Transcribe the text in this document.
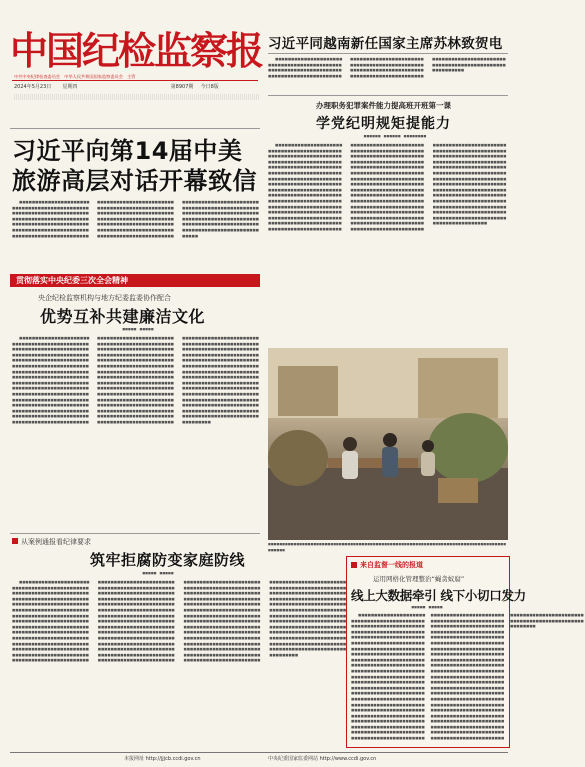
中国纪检监察报
中共中央纪律检查委员会　中华人民共和国国家监察委员会　主管
2024年5月23日 星期四	第8907期 今日8版
习近平同越南新任国家主席苏林致贺电

■■■■■■■■■■■■■■■■■■■■■■■■■■■■■■■■■■■■■■■■■■■■■■■■■■■■■■■■■■■■■■■■■■■■■■■■■■■■■■■■■■■■■■■■■■■■■■■■■■■■■■■■■■■■■■■■■■■■■■■■■■■■■■■■■■■■■■■■■■■■■■■■■■■■■■■■■■■■■■■■■■■■■■■■■■■■■■■■■■■■■■■■■■■■■■■■■■■■■■■■■■■■■■■■■■■■■■■■■■■■■■■■■■■■■■■■■■■■■■

办理职务犯罪案件能力提高班开班第一课
学党纪明规矩提能力
■■■■■■　■■■■■■　■■■■■■■■

■■■■■■■■■■■■■■■■■■■■■■■■■■■■■■■■■■■■■■■■■■■■■■■■■■■■■■■■■■■■■■■■■■■■■■■■■■■■■■■■■■■■■■■■■■■■■■■■■■■■■■■■■■■■■■■■■■■■■■■■■■■■■■■■■■■■■■■■■■■■■■■■■■■■■■■■■■■■■■■■■■■■■■■■■■■■■■■■■■■■■■■■■■■■■■■■■■■■■■■■■■■■■■■■■■■■■■■■■■■■■■■■■■■■■■■■■■■■■■■■■■■■■■■■■■■■■■■■■■■■■■■■■■■■■■■■■■■■■■■■■■■■■■■■■■■■■■■■■■■■■■■■■■■■■■■■■■■■■■■■■■■■■■■■■■■■■■■■■■■■■■■■■■■■■■■■■■■■■■■■■■■■■■■■■■■■■■■■■■■■■■■■■■■■■■■■■■■■■■■■■■■■■■■■■■■■■■■■■■■■■■■■■■■■■■■■■■■■■■■■■■■■■■■■■■■■■■■■■■■■■■■■■■■■■■■■■■■■■■■■■■■■■■■■■■■■■■■■■■■■■■■■■■■■■■■■■■■■■■■■■■■■■■■■■■■■■■■■■■■■■■■■■■■■■■■■■■■■■■■■■■■■■■■■■■■■■■■■■■■■■■■■■■■■■■■■■■■■■■■■■■■■■■■■■■■■■■■■■■■■■■■■■■■■■■■■■■■■■■■■■■■■■■■■■■■■■■■■■■■■■■■■■■■■■■■■■■■■■■■■■■■■■■■■■■■■■■■■■■■■■■■■■■■■■■■■■■■■■■■■■■■■■■■■■■■■■■■■■■■■■■■■■■■■■■■■■■■■■■■■■■■■■■■■■■■■■■■■■■■■■■■■■■■■■■■■■■■■■■■■■■■■■■■■■■■■■■■■■■■■■■■■■■■■■■■■■■■■■■■■■■■■■■■■■■■■■■■■■■■■■■■■■■■■■■■■■■■■■■■■■■■■■■■■■■■■■■■■■■■■■■■■■■■■■■■■■■■■■■■■■■■■■■■■■■■■■■■■■■■■■■■■■■■■■■■■■■■■■■■■■■■■■■■■■■■■■■■■■■■■■■■■■■■■■■■■■■■■■■■■■■■■■■■■■■■■■■■■■■■■■■■■■■■■■■■■■■■■■■■■■■■■■■■■■■■■■■■■■■■■■■■■■■■■■■■■■

习近平向第14届中美
旅游高层对话开幕致信

■■■■■■■■■■■■■■■■■■■■■■■■■■■■■■■■■■■■■■■■■■■■■■■■■■■■■■■■■■■■■■■■■■■■■■■■■■■■■■■■■■■■■■■■■■■■■■■■■■■■■■■■■■■■■■■■■■■■■■■■■■■■■■■■■■■■■■■■■■■■■■■■■■■■■■■■■■■■■■■■■■■■■■■■■■■■■■■■■■■■■■■■■■■■■■■■■■■■■■■■■■■■■■■■■■■■■■■■■■■■■■■■■■■■■■■■■■■■■■■■■■■■■■■■■■■■■■■■■■■■■■■■■■■■■■■■■■■■■■■■■■■■■■■■■■■■■■■■■■■■■■■■■■■■■■■■■■■■■■■■■■■■■■■■■■■■■■■■■■■■■■■■■■■■■■■■■■■■■■■■■■■■■■■■■■■■■■■■■■■■■■■■■■■■■■■■■■■■■■■■■■■■■■■■■■■■■■■■■■■■■■■■■■■■■■■■■■■■■■■■■■■■■■■■■■■■■■■■■■■■■■■■■■■■■■■■■■■■■■■■■■■

贯彻落实中央纪委三次全会精神
央企纪检监察机构与地方纪委监委协作配合
优势互补共建廉洁文化
■■■■■　■■■■■

■■■■■■■■■■■■■■■■■■■■■■■■■■■■■■■■■■■■■■■■■■■■■■■■■■■■■■■■■■■■■■■■■■■■■■■■■■■■■■■■■■■■■■■■■■■■■■■■■■■■■■■■■■■■■■■■■■■■■■■■■■■■■■■■■■■■■■■■■■■■■■■■■■■■■■■■■■■■■■■■■■■■■■■■■■■■■■■■■■■■■■■■■■■■■■■■■■■■■■■■■■■■■■■■■■■■■■■■■■■■■■■■■■■■■■■■■■■■■■■■■■■■■■■■■■■■■■■■■■■■■■■■■■■■■■■■■■■■■■■■■■■■■■■■■■■■■■■■■■■■■■■■■■■■■■■■■■■■■■■■■■■■■■■■■■■■■■■■■■■■■■■■■■■■■■■■■■■■■■■■■■■■■■■■■■■■■■■■■■■■■■■■■■■■■■■■■■■■■■■■■■■■■■■■■■■■■■■■■■■■■■■■■■■■■■■■■■■■■■■■■■■■■■■■■■■■■■■■■■■■■■■■■■■■■■■■■■■■■■■■■■■■■■■■■■■■■■■■■■■■■■■■■■■■■■■■■■■■■■■■■■■■■■■■■■■■■■■■■■■■■■■■■■■■■■■■■■■■■■■■■■■■■■■■■■■■■■■■■■■■■■■■■■■■■■■■■■■■■■■■■■■■■■■■■■■■■■■■■■■■■■■■■■■■■■■■■■■■■■■■■■■■■■■■■■■■■■■■■■■■■■■■■■■■■■■■■■■■■■■■■■■■■■■■■■■■■■■■■■■■■■■■■■■■■■■■■■■■■■■■■■■■■■■■■■■■■■■■■■■■■■■■■■■■■■■■■■■■■■■■■■■■■■■■■■■■■■■■■■■■■■■■■■■■■■■■■■■■■■■■■■■■■■■■■■■■■■■■■■■■■■■■■■■■■■■■■■■■■■■■■■■■■■■■■■■■■■■■■■■■■■■■■■■■■■■■■■■■■■■■■■■■■■■■■■■■■■■■■■■■■■■■■■■■■■■■■■■■■■■■■■■■■■■■■■■■■■■■■■■■■■■■■■■■■■■■■■■■■■■■■■■■■■■■■■■■■■■■■■■■■■■■■■■■■■■■■■■■■■■■■■■■■■■■■■■■■■■■■■■■■■■■■■■■■■■■■■■■■■■■■■■■■■■■■■■■■■■■■■■■■■■■■■■■■■■■■■■■■■■■■■■■■■■■■■■■■■■■■■■■■■■■■■■■■■■■■■■■■■■■■■■■■■■■■■■■■■■

■■■■■■■■■■■■■■■■■■■■■■■■■■■■■■■■■■■■■■■■■■■■■■■■■■■■■■■■■■■■■■■■■■■■■■■■■■■■■■■■■■■■■■■■■■
从案例通报看纪律要求
筑牢拒腐防变家庭防线
■■■■■　■■■■■

■■■■■■■■■■■■■■■■■■■■■■■■■■■■■■■■■■■■■■■■■■■■■■■■■■■■■■■■■■■■■■■■■■■■■■■■■■■■■■■■■■■■■■■■■■■■■■■■■■■■■■■■■■■■■■■■■■■■■■■■■■■■■■■■■■■■■■■■■■■■■■■■■■■■■■■■■■■■■■■■■■■■■■■■■■■■■■■■■■■■■■■■■■■■■■■■■■■■■■■■■■■■■■■■■■■■■■■■■■■■■■■■■■■■■■■■■■■■■■■■■■■■■■■■■■■■■■■■■■■■■■■■■■■■■■■■■■■■■■■■■■■■■■■■■■■■■■■■■■■■■■■■■■■■■■■■■■■■■■■■■■■■■■■■■■■■■■■■■■■■■■■■■■■■■■■■■■■■■■■■■■■■■■■■■■■■■■■■■■■■■■■■■■■■■■■■■■■■■■■■■■■■■■■■■■■■■■■■■■■■■■■■■■■■■■■■■■■■■■■■■■■■■■■■■■■■■■■■■■■■■■■■■■■■■■■■■■■■■■■■■■■■■■■■■■■■■■■■■■■■■■■■■■■■■■■■■■■■■■■■■■■■■■■■■■■■■■■■■■■■■■■■■■■■■■■■■■■■■■■■■■■■■■■■■■■■■■■■■■■■■■■■■■■■■■■■■■■■■■■■■■■■■■■■■■■■■■■■■■■■■■■■■■■■■■■■■■■■■■■■■■■■■■■■■■■■■■■■■■■■■■■■■■■■■■■■■■■■■■■■■■■■■■■■■■■■■■■■■■■■■■■■■■■■■■■■■■■■■■■■■■■■■■■■■■■■■■■■■■■■■■■■■■■■■■■■■■■■■■■■■■■■■■■■■■■■■■■■■■■■■■■■■■■■■■■■■■■■■■■■■■■■■■■■■■■■■■■■■■■■■■■■■■■■■■■■■■■■■■■■■■■■■■■■■■■■■■■■■■■■■■■■■■■■■■■■■■■■■■■■■■■■■■■■■■■■■■■■■■■■■■■■■■■■■■■■■■■■■■■■■■■■■■■■■■■■■■■■■■■■■■■■■■■■■■■■■■■■■■■■■■■■■■■■■■■■■■■■■■■■■■■■■■■■■■■■■■■■■■■■■■■■■■■■■■■■■■■■■■■■■■■■■■■■■■■■■■■■■■■■■■■■■■■■■■■■■■■■■■■■■■■■■■■■■■■■■■■■■■■■■■■■■■■■■■■■■■■■■■■■■■■■■■■■■■■■■■■■■■■■■■■■■■■■■■■■■■■■■■■■■■■■■■■■■■■■■■■■■■■■■■■■■■■■■■■■■■■■■■■■■■■■■■■■■■■■■■■■■■■■■■■■■■■■■■■■■■■■■■■■■■■■■■■■■■■■■■■■■■■■■■■■■■■■■■■■■■■■■■■■■■■■■■■■■■■■■■■■■■■■■■■■■■■■■■■■■■■■■■■■■■■■■■■■■■■■■■■■■■■■■■■■■■■■■■■■■■■■■■■■■■■■■■■■■■■■■■■■■■■■■■■■■■■■■■■■■■■■■■■■■■■■■■■■■■■■■■■■■■■

来自监督一线的报道
运用网格化管理整治“蝇贪蚁腐”
线上大数据牵引 线下小切口发力
■■■■■　■■■■■

■■■■■■■■■■■■■■■■■■■■■■■■■■■■■■■■■■■■■■■■■■■■■■■■■■■■■■■■■■■■■■■■■■■■■■■■■■■■■■■■■■■■■■■■■■■■■■■■■■■■■■■■■■■■■■■■■■■■■■■■■■■■■■■■■■■■■■■■■■■■■■■■■■■■■■■■■■■■■■■■■■■■■■■■■■■■■■■■■■■■■■■■■■■■■■■■■■■■■■■■■■■■■■■■■■■■■■■■■■■■■■■■■■■■■■■■■■■■■■■■■■■■■■■■■■■■■■■■■■■■■■■■■■■■■■■■■■■■■■■■■■■■■■■■■■■■■■■■■■■■■■■■■■■■■■■■■■■■■■■■■■■■■■■■■■■■■■■■■■■■■■■■■■■■■■■■■■■■■■■■■■■■■■■■■■■■■■■■■■■■■■■■■■■■■■■■■■■■■■■■■■■■■■■■■■■■■■■■■■■■■■■■■■■■■■■■■■■■■■■■■■■■■■■■■■■■■■■■■■■■■■■■■■■■■■■■■■■■■■■■■■■■■■■■■■■■■■■■■■■■■■■■■■■■■■■■■■■■■■■■■■■■■■■■■■■■■■■■■■■■■■■■■■■■■■■■■■■■■■■■■■■■■■■■■■■■■■■■■■■■■■■■■■■■■■■■■■■■■■■■■■■■■■■■■■■■■■■■■■■■■■■■■■■■■■■■■■■■■■■■■■■■■■■■■■■■■■■■■■■■■■■■■■■■■■■■■■■■■■■■■■■■■■■■■■■■■■■■■■■■■■■■■■■■■■■■■■■■■■■■■■■■■■■■■■■■■■■■■■■■■■■■■■■■■■■■■■■■■■■■■■■■■■■■■■■■■■■■■■■■■■■■■■■■■■■■■■■■■■■■■■■■■■■■■■■■■■■■■■■■■■■■■■■■■■■■■■■■■■■■■■■■■■■■■■■■■■■■■■■■■■■■■■■■■■■■■■■■■■■■■■■■■■■■■■■■■■■■■■■■■■■■■■■■■■■■■■■■■■■■■■■■■■■■■■■■■■■■■■■■■■■■■■■■■■■■■■■■■■■■■■■■■■■■■■■■■■■■■■■■■■■■■■■■■■■■■■■■■■■■■■■■■■■■■■■■■■■■■■■■■■■■■■■■■■■■■■■■■■■■■■■■■■■■■■■■■■■■■■■■■■■■■■■■■■■■■■■■■■■■■■■■■■■■■■■■■■■■■■■■■■■■■■■■■■

本报网址 http://jjjcb.ccdi.gov.cn	中央纪委国家监委网站 http://www.ccdi.gov.cn
